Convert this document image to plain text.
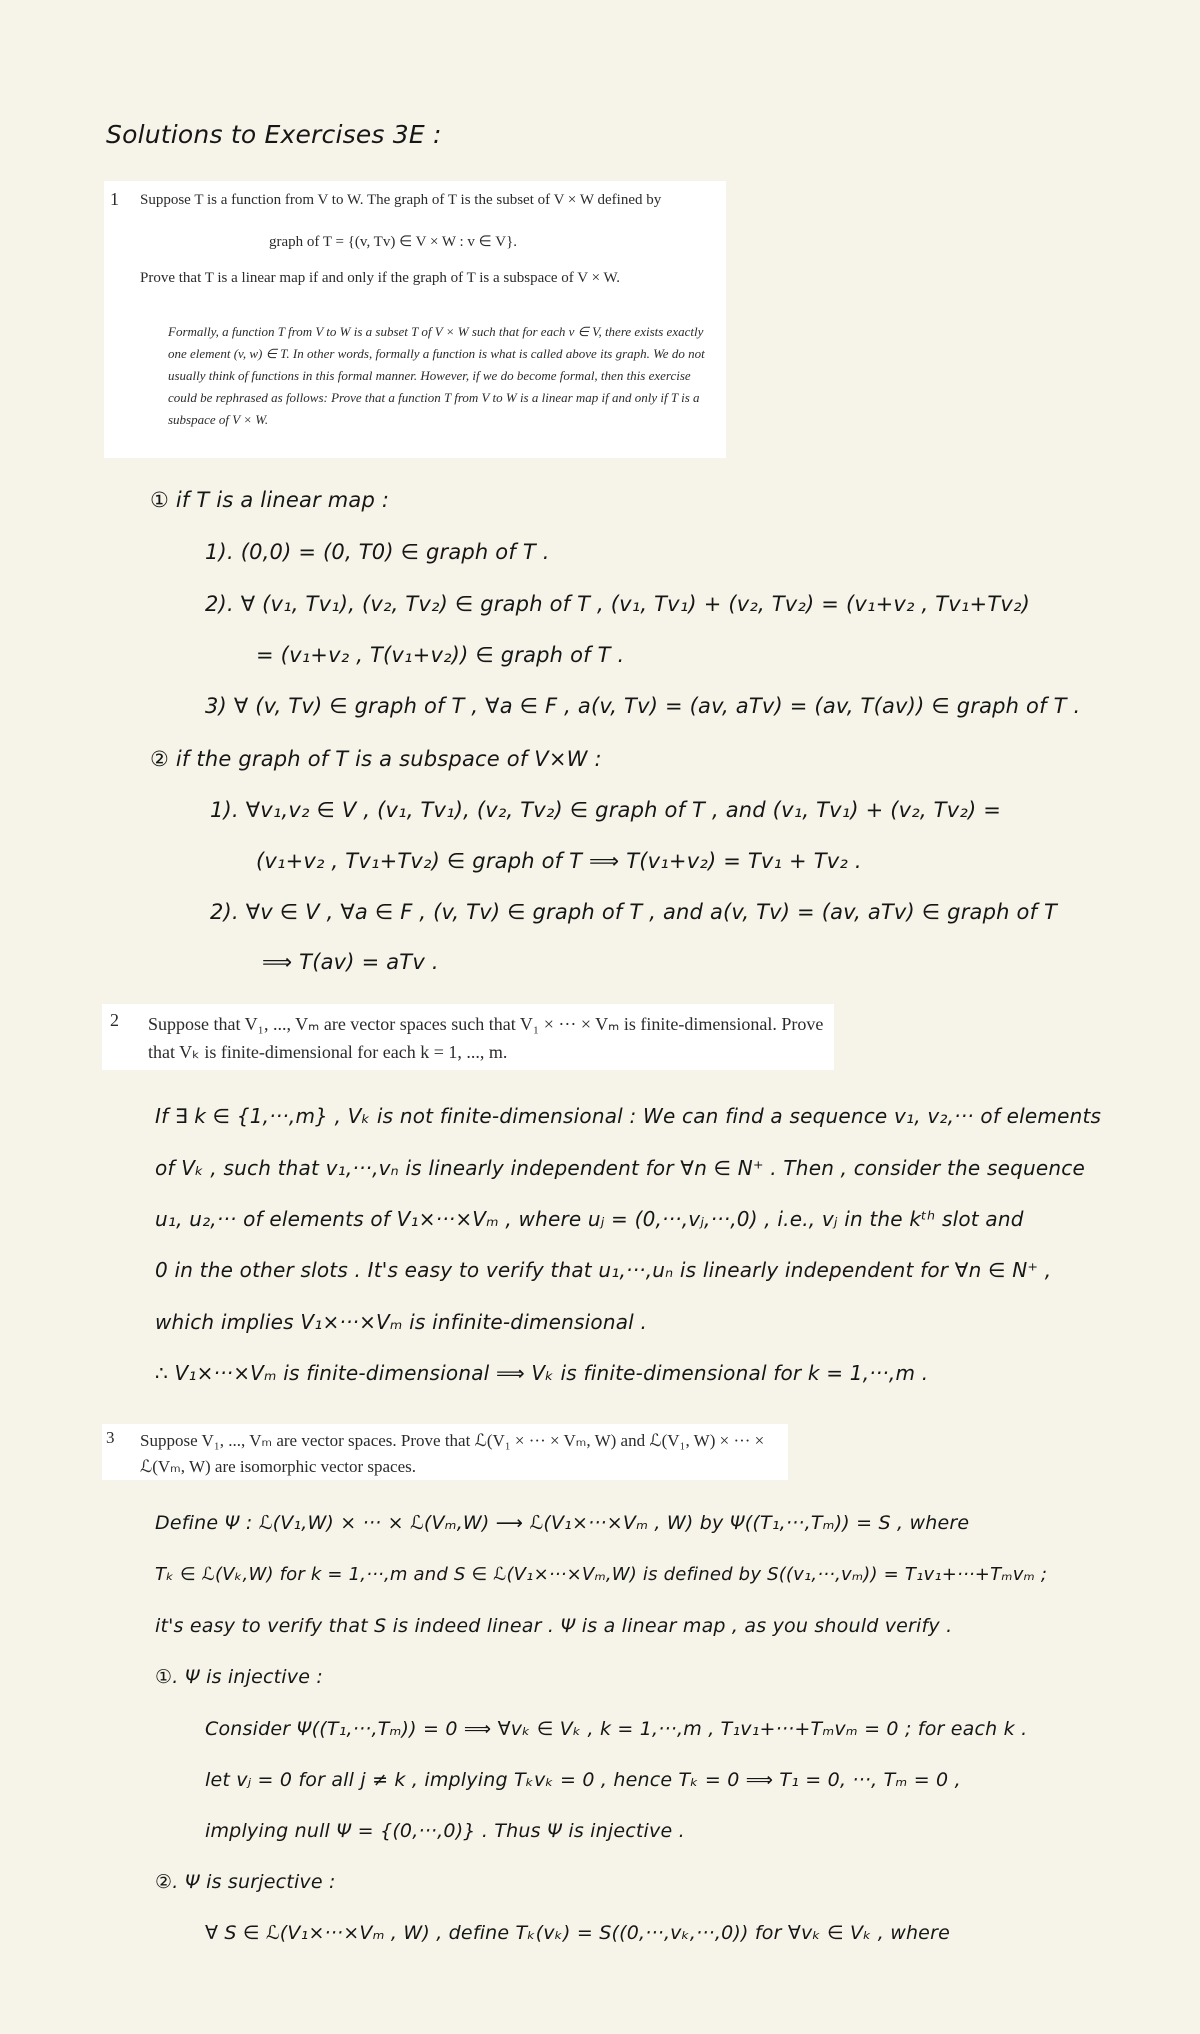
Solutions to Exercises 3E :
1 Suppose T is a function from V to W. The graph of T is the subset of V × W defined by

graph of T = {(v, Tv) ∈ V × W : v ∈ V}.

Prove that T is a linear map if and only if the graph of T is a subspace of V × W.

Formally, a function T from V to W is a subset T of V × W such that for each v ∈ V, there exists exactly one element (v, w) ∈ T. In other words, formally a function is what is called above its graph. We do not usually think of functions in this formal manner. However, if we do become formal, then this exercise could be rephrased as follows: Prove that a function T from V to W is a linear map if and only if T is a subspace of V × W.

① if T is a linear map :
1). (0,0) = (0, T0) ∈ graph of T .
2). ∀ (v₁, Tv₁), (v₂, Tv₂) ∈ graph of T , (v₁, Tv₁) + (v₂, Tv₂) = (v₁+v₂ , Tv₁+Tv₂)
= (v₁+v₂ , T(v₁+v₂)) ∈ graph of T .
3) ∀ (v, Tv) ∈ graph of T , ∀a ∈ F , a(v, Tv) = (av, aTv) = (av, T(av)) ∈ graph of T .
② if the graph of T is a subspace of V×W :
1). ∀v₁,v₂ ∈ V , (v₁, Tv₁), (v₂, Tv₂) ∈ graph of T , and (v₁, Tv₁) + (v₂, Tv₂) =
(v₁+v₂ , Tv₁+Tv₂) ∈ graph of T ⟹ T(v₁+v₂) = Tv₁ + Tv₂ .
2). ∀v ∈ V , ∀a ∈ F , (v, Tv) ∈ graph of T , and a(v, Tv) = (av, aTv) ∈ graph of T
⟹ T(av) = aTv .
2 Suppose that V₁, ..., Vₘ are vector spaces such that V₁ × ··· × Vₘ is finite-dimensional. Prove that Vₖ is finite-dimensional for each k = 1, ..., m.

If ∃ k ∈ {1,···,m} , Vₖ is not finite-dimensional : We can find a sequence v₁, v₂,··· of elements
of Vₖ , such that v₁,···,vₙ is linearly independent for ∀n ∈ N⁺ . Then , consider the sequence
u₁, u₂,··· of elements of V₁×···×Vₘ , where uⱼ = (0,···,vⱼ,···,0) , i.e., vⱼ in the kᵗʰ slot and
0 in the other slots . It's easy to verify that u₁,···,uₙ is linearly independent for ∀n ∈ N⁺ ,
which implies V₁×···×Vₘ is infinite-dimensional .
∴ V₁×···×Vₘ is finite-dimensional ⟹ Vₖ is finite-dimensional for k = 1,···,m .
3 Suppose V₁, ..., Vₘ are vector spaces. Prove that ℒ(V₁ × ··· × Vₘ, W) and ℒ(V₁, W) × ··· × ℒ(Vₘ, W) are isomorphic vector spaces.

Define Ψ : ℒ(V₁,W) × ··· × ℒ(Vₘ,W) ⟶ ℒ(V₁×···×Vₘ , W) by Ψ((T₁,···,Tₘ)) = S , where
Tₖ ∈ ℒ(Vₖ,W) for k = 1,···,m and S ∈ ℒ(V₁×···×Vₘ,W) is defined by S((v₁,···,vₘ)) = T₁v₁+···+Tₘvₘ ;
it's easy to verify that S is indeed linear . Ψ is a linear map , as you should verify .
①. Ψ is injective :
Consider Ψ((T₁,···,Tₘ)) = 0 ⟹ ∀vₖ ∈ Vₖ , k = 1,···,m , T₁v₁+···+Tₘvₘ = 0 ; for each k .
let vⱼ = 0 for all j ≠ k , implying Tₖvₖ = 0 , hence Tₖ = 0 ⟹ T₁ = 0, ···, Tₘ = 0 ,
implying null Ψ = {(0,···,0)} . Thus Ψ is injective .
②. Ψ is surjective :
∀ S ∈ ℒ(V₁×···×Vₘ , W) , define Tₖ(vₖ) = S((0,···,vₖ,···,0)) for ∀vₖ ∈ Vₖ , where
